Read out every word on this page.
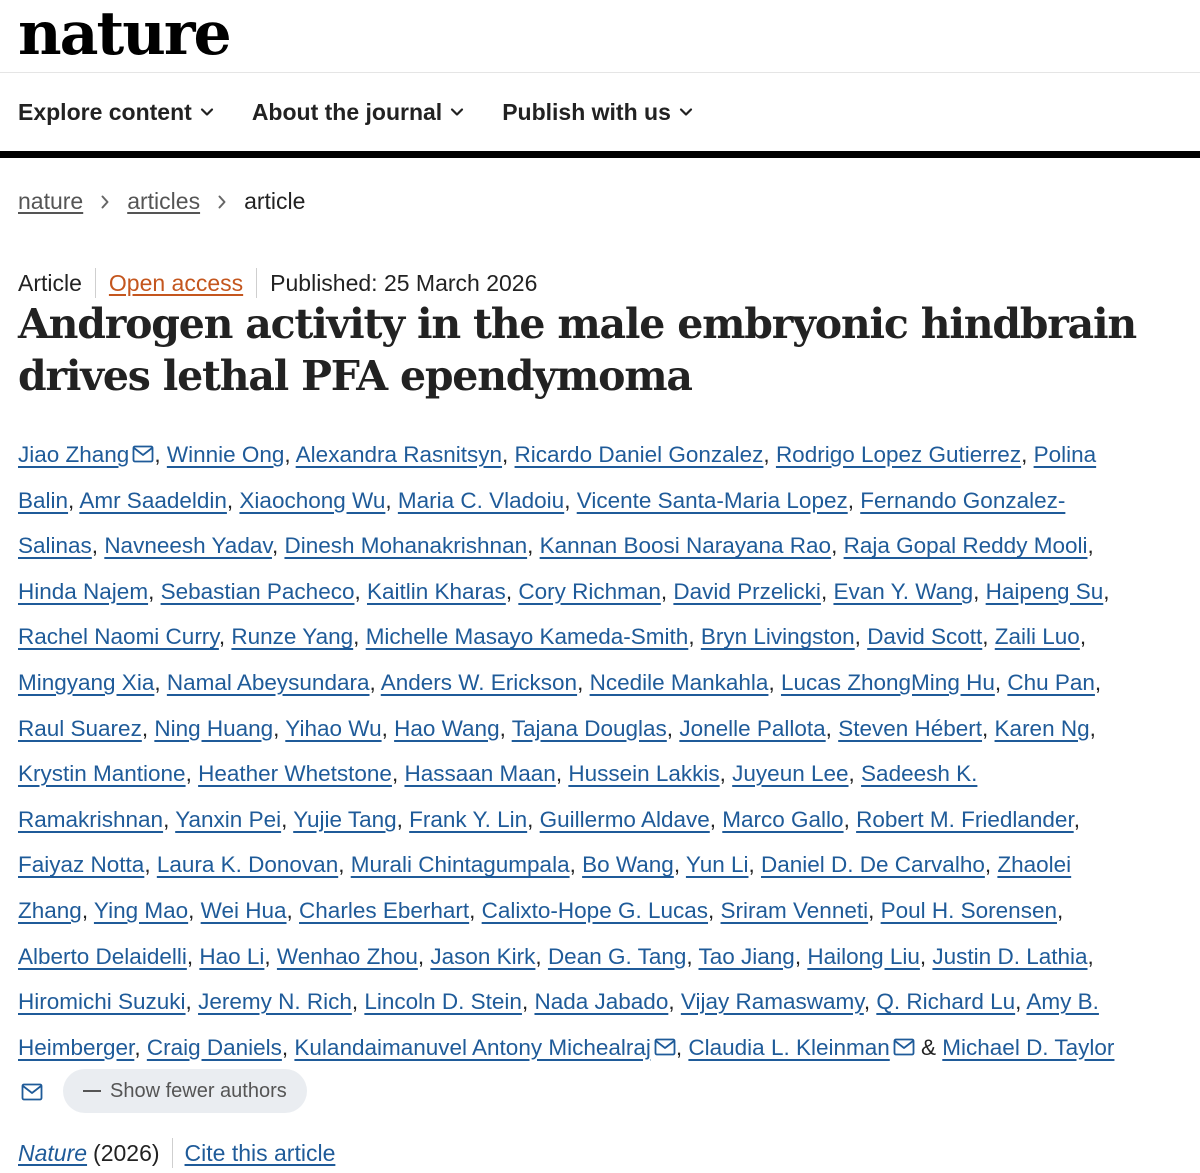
nature
Explore content	About the journal	Publish with us
nature articles article
Article Open access Published: 25 March 2026
Androgen activity in the male embryonic hindbrain drives lethal PFA ependymoma
Jiao Zhang , Winnie Ong, Alexandra Rasnitsyn, Ricardo Daniel Gonzalez, Rodrigo Lopez Gutierrez, Polina Balin, Amr Saadeldin, Xiaochong Wu, Maria C. Vladoiu, Vicente Santa-Maria Lopez, Fernando Gonzalez-Salinas, Navneesh Yadav, Dinesh Mohanakrishnan, Kannan Boosi Narayana Rao, Raja Gopal Reddy Mooli, Hinda Najem, Sebastian Pacheco, Kaitlin Kharas, Cory Richman, David Przelicki, Evan Y. Wang, Haipeng Su, Rachel Naomi Curry, Runze Yang, Michelle Masayo Kameda-Smith, Bryn Livingston, David Scott, Zaili Luo, Mingyang Xia, Namal Abeysundara, Anders W. Erickson, Ncedile Mankahla, Lucas ZhongMing Hu, Chu Pan, Raul Suarez, Ning Huang, Yihao Wu, Hao Wang, Tajana Douglas, Jonelle Pallota, Steven Hébert, Karen Ng, Krystin Mantione, Heather Whetstone, Hassaan Maan, Hussein Lakkis, Juyeun Lee, Sadeesh K. Ramakrishnan, Yanxin Pei, Yujie Tang, Frank Y. Lin, Guillermo Aldave, Marco Gallo, Robert M. Friedlander, Faiyaz Notta, Laura K. Donovan, Murali Chintagumpala, Bo Wang, Yun Li, Daniel D. De Carvalho, Zhaolei Zhang, Ying Mao, Wei Hua, Charles Eberhart, Calixto-Hope G. Lucas, Sriram Venneti, Poul H. Sorensen, Alberto Delaidelli, Hao Li, Wenhao Zhou, Jason Kirk, Dean G. Tang, Tao Jiang, Hailong Liu, Justin D. Lathia, Hiromichi Suzuki, Jeremy N. Rich, Lincoln D. Stein, Nada Jabado, Vijay Ramaswamy, Q. Richard Lu, Amy B. Heimberger, Craig Daniels, Kulandaimanuvel Antony Michealraj , Claudia L. Kleinman & Michael D. Taylor
Show fewer authors
Nature (2026) Cite this article
